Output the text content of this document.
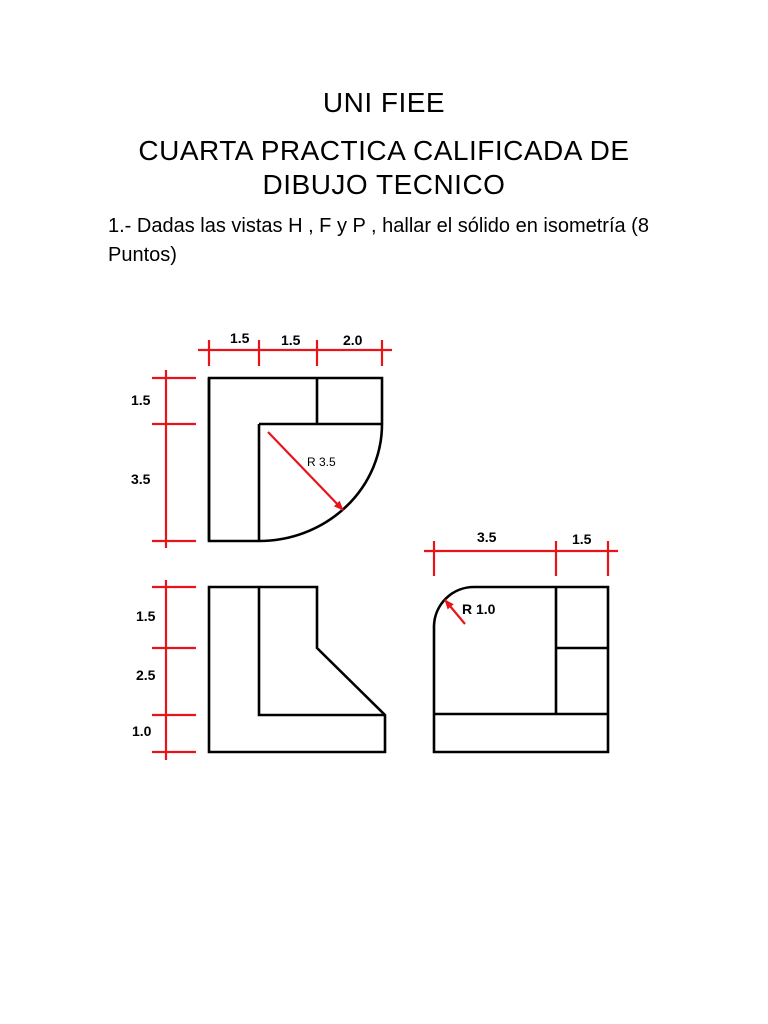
UNI FIEE
CUARTA PRACTICA CALIFICADA DE
DIBUJO TECNICO
1.- Dadas las vistas H , F y P , hallar el sólido en isometría (8 Puntos)
1.5 1.5	2.0
1.5
3.5
R 3.5
1.5
2.5
1.0
3.5	1.5
R 1.0
